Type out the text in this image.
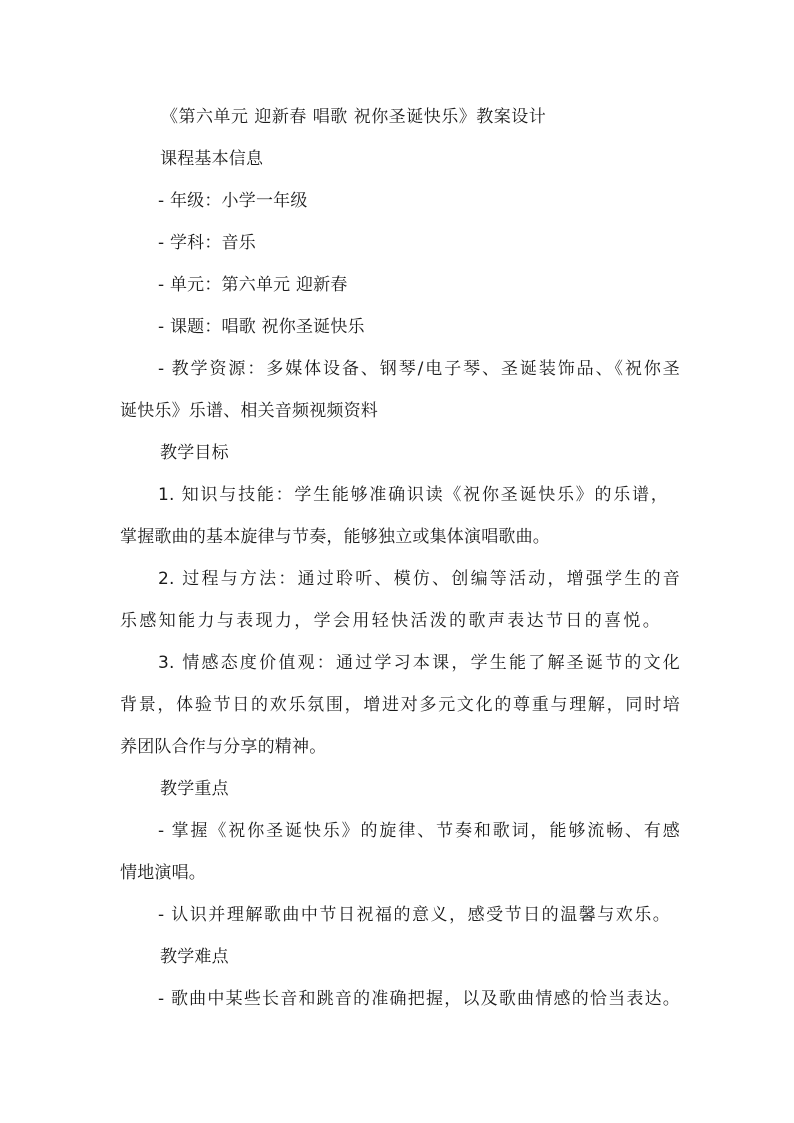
《第六单元 迎新春 唱歌 祝你圣诞快乐》教案设计
课程基本信息
- 年级：小学一年级
- 学科：音乐
- 单元：第六单元 迎新春
- 课题：唱歌 祝你圣诞快乐
- 教学资源：多媒体设备、钢琴/电子琴、圣诞装饰品、《祝你圣
诞快乐》乐谱、相关音频视频资料
教学目标
1. 知识与技能：学生能够准确识读《祝你圣诞快乐》的乐谱，
掌握歌曲的基本旋律与节奏，能够独立或集体演唱歌曲。
2. 过程与方法：通过聆听、模仿、创编等活动，增强学生的音
乐感知能力与表现力，学会用轻快活泼的歌声表达节日的喜悦。
3. 情感态度价值观：通过学习本课，学生能了解圣诞节的文化
背景，体验节日的欢乐氛围，增进对多元文化的尊重与理解，同时培
养团队合作与分享的精神。
教学重点
- 掌握《祝你圣诞快乐》的旋律、节奏和歌词，能够流畅、有感
情地演唱。
- 认识并理解歌曲中节日祝福的意义，感受节日的温馨与欢乐。
教学难点
- 歌曲中某些长音和跳音的准确把握，以及歌曲情感的恰当表达。
